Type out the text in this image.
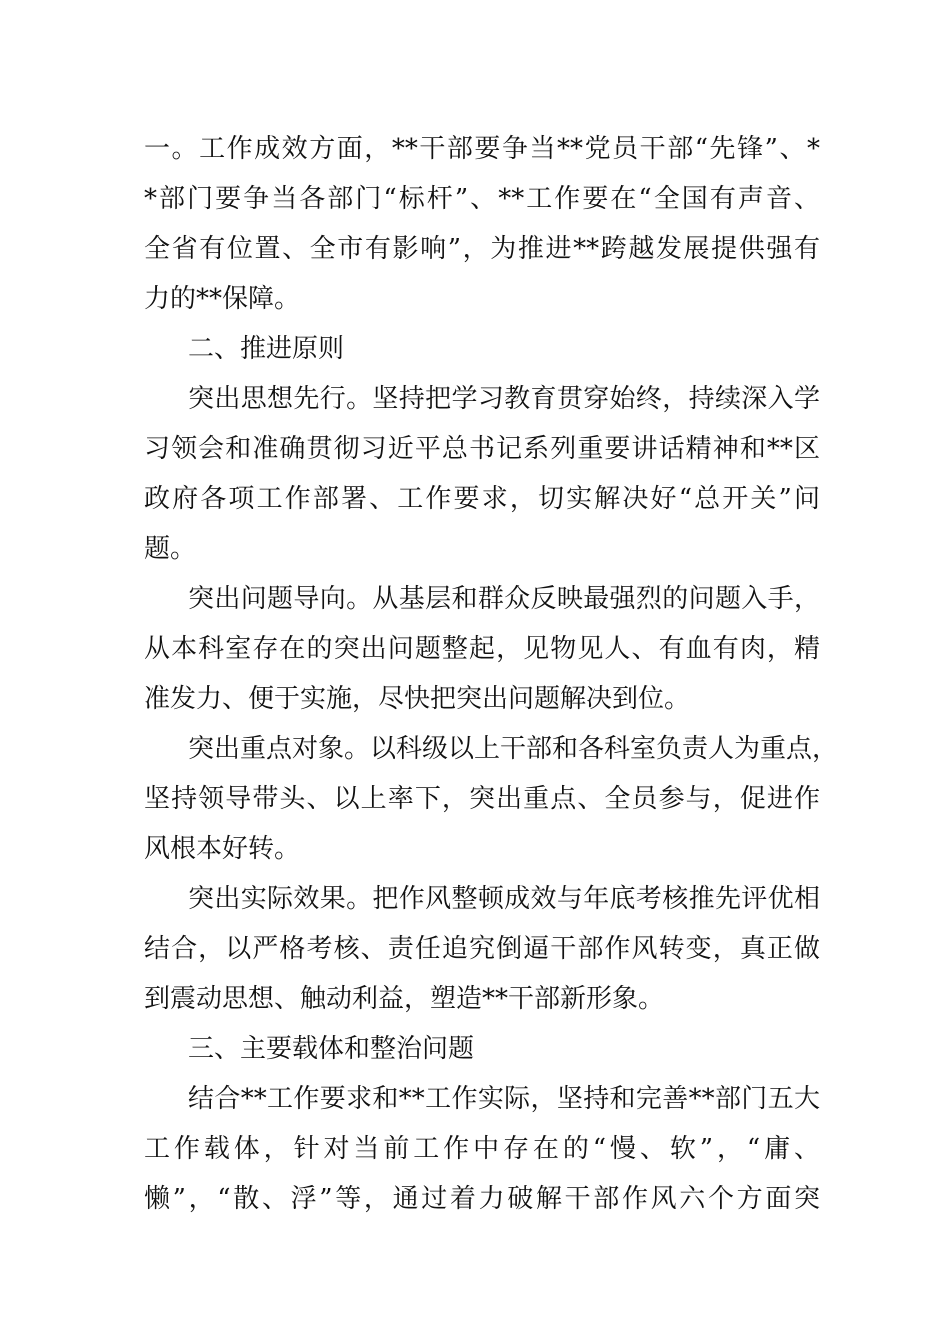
一。工作成效方面，**干部要争当**党员干部“先锋”、*
*部门要争当各部门“标杆”、**工作要在“全国有声音、
全省有位置、全市有影响”，为推进**跨越发展提供强有
力的**保障。
二、推进原则
突出思想先行。坚持把学习教育贯穿始终，持续深入学
习领会和准确贯彻习近平总书记系列重要讲话精神和**区
政府各项工作部署、工作要求，切实解决好“总开关”问
题。
突出问题导向。从基层和群众反映最强烈的问题入手，
从本科室存在的突出问题整起，见物见人、有血有肉，精
准发力、便于实施，尽快把突出问题解决到位。
突出重点对象。以科级以上干部和各科室负责人为重点，
坚持领导带头、以上率下，突出重点、全员参与，促进作
风根本好转。
突出实际效果。把作风整顿成效与年底考核推先评优相
结合，以严格考核、责任追究倒逼干部作风转变，真正做
到震动思想、触动利益，塑造**干部新形象。
三、主要载体和整治问题
结合**工作要求和**工作实际，坚持和完善**部门五大
工作载体，针对当前工作中存在的“慢、软”，“庸、
懒”，“散、浮”等，通过着力破解干部作风六个方面突
